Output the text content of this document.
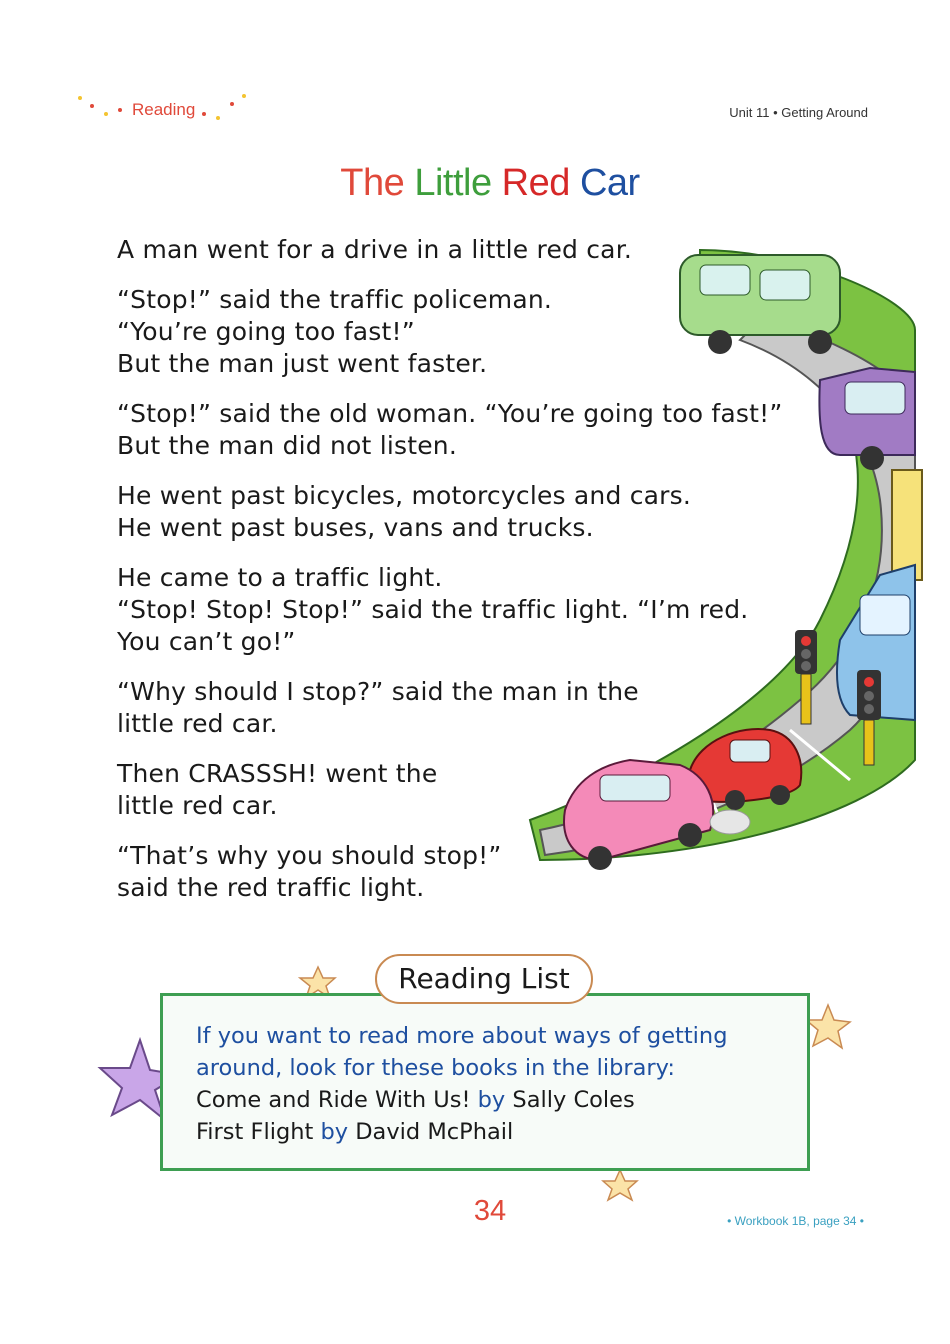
Reading	Unit 11 • Getting Around
The Little Red Car

A man went for a drive in a little red car.

“Stop!” said the traffic policeman.
“You’re going too fast!”
But the man just went faster.

“Stop!” said the old woman. “You’re going too fast!”
But the man did not listen.

He went past bicycles, motorcycles and cars.
He went past buses, vans and trucks.

He came to a traffic light.
“Stop! Stop! Stop!” said the traffic light. “I’m red.
You can’t go!”

“Why should I stop?” said the man in the
little red car.

Then CRASSSH! went the
little red car.

“That’s why you should stop!”
said the red traffic light.

Reading List
If you want to read more about ways of getting
around, look for these books in the library:
Come and Ride With Us! by Sally Coles
First Flight by David McPhail
34	• Workbook 1B, page 34 •
